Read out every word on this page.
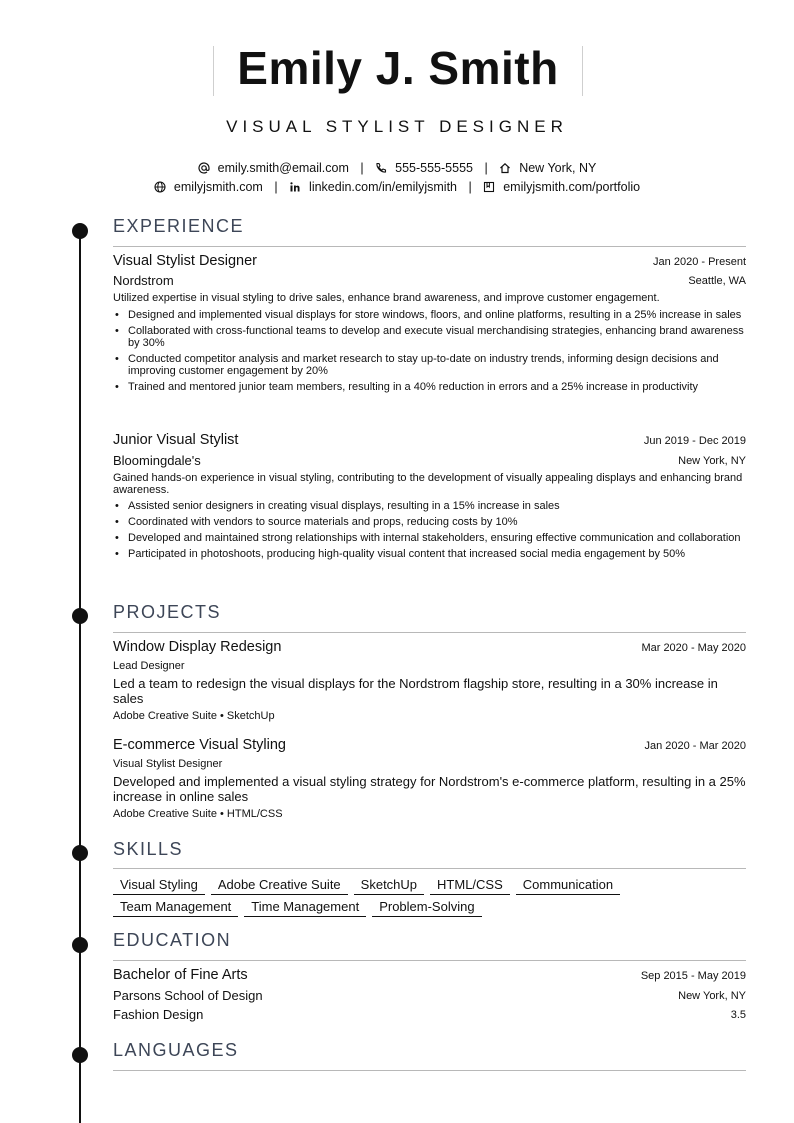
Emily J. Smith
VISUAL STYLIST DESIGNER
emily.smith@email.com |	555-555-5555 |	New York, NY
emilyjsmith.com |	linkedin.com/in/emilyjsmith |	emilyjsmith.com/portfolio
EXPERIENCE
Visual Stylist Designer	Jan 2020 - Present
Nordstrom	Seattle, WA
Utilized expertise in visual styling to drive sales, enhance brand awareness, and improve customer engagement.
• Designed and implemented visual displays for store windows, floors, and online platforms, resulting in a 25% increase in sales
• Collaborated with cross-functional teams to develop and execute visual merchandising strategies, enhancing brand awareness by 30%
• Conducted competitor analysis and market research to stay up-to-date on industry trends, informing design decisions and improving customer engagement by 20%
• Trained and mentored junior team members, resulting in a 40% reduction in errors and a 25% increase in productivity
Junior Visual Stylist	Jun 2019 - Dec 2019
Bloomingdale's	New York, NY
Gained hands-on experience in visual styling, contributing to the development of visually appealing displays and enhancing brand awareness.
• Assisted senior designers in creating visual displays, resulting in a 15% increase in sales
• Coordinated with vendors to source materials and props, reducing costs by 10%
• Developed and maintained strong relationships with internal stakeholders, ensuring effective communication and collaboration
• Participated in photoshoots, producing high-quality visual content that increased social media engagement by 50%
PROJECTS
Window Display Redesign	Mar 2020 - May 2020
Lead Designer
Led a team to redesign the visual displays for the Nordstrom flagship store, resulting in a 30% increase in sales
Adobe Creative Suite • SketchUp
E-commerce Visual Styling	Jan 2020 - Mar 2020
Visual Stylist Designer
Developed and implemented a visual styling strategy for Nordstrom's e-commerce platform, resulting in a 25% increase in online sales
Adobe Creative Suite • HTML/CSS
SKILLS
Visual Styling Adobe Creative Suite SketchUp HTML/CSS Communication
Team Management Time Management Problem-Solving
EDUCATION
Bachelor of Fine Arts	Sep 2015 - May 2019
Parsons School of Design	New York, NY
Fashion Design	3.5
LANGUAGES
